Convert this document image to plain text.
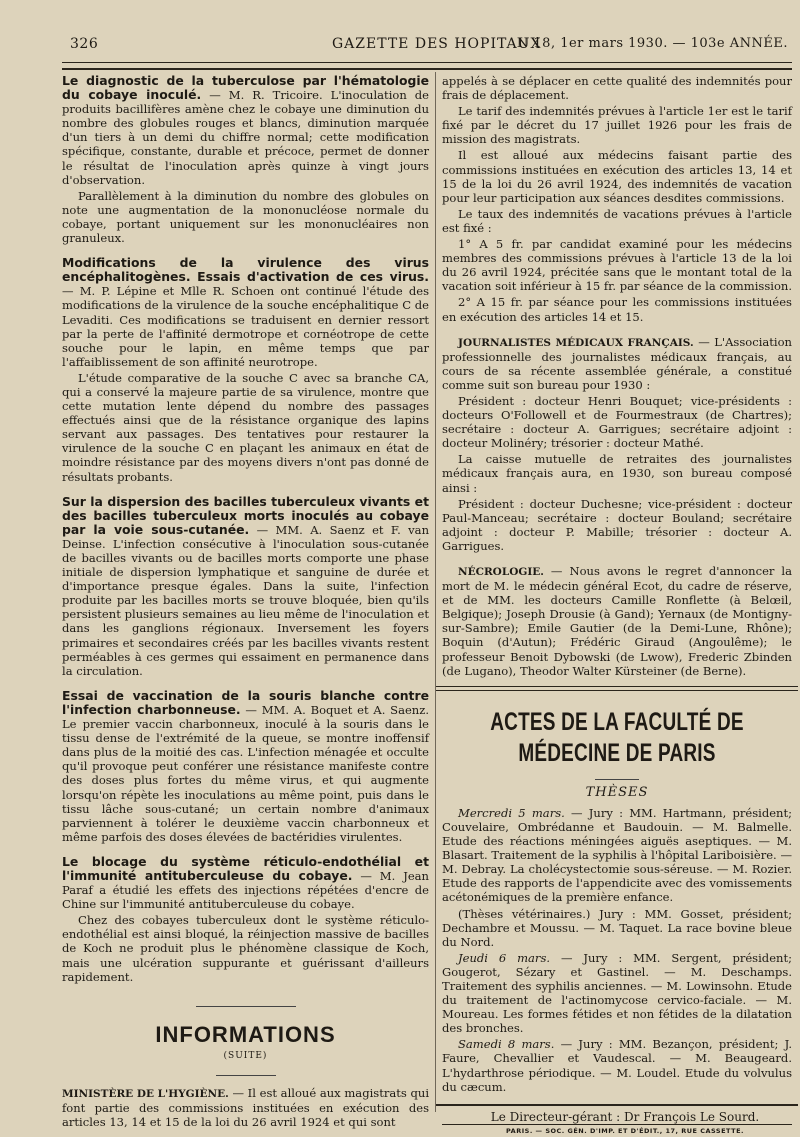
326	GAZETTE DES HOPITAUX
N 18, 1er mars 1930. — 103e ANNÉE.

Le diagnostic de la tuberculose par l'hématologie du cobaye inoculé. — M. R. Tricoire. L'inoculation de produits bacillifères amène chez le cobaye une diminution du nombre des globules rouges et blancs, diminution marquée d'un tiers à un demi du chiffre normal; cette modification spécifique, constante, durable et précoce, permet de donner le résultat de l'inoculation après quinze à vingt jours d'observation.

Parallèlement à la diminution du nombre des globules on note une augmentation de la mononucléose normale du cobaye, portant uniquement sur les mononucléaires non granuleux.

Modifications de la virulence des virus encéphalitogènes. Essais d'activation de ces virus. — M. P. Lépine et Mlle R. Schoen ont continué l'étude des modifications de la virulence de la souche encéphalitique C de Levaditi. Ces modifications se traduisent en dernier ressort par la perte de l'affinité dermotrope et cornéotrope de cette souche pour le lapin, en même temps que par l'affaiblissement de son affinité neurotrope.

L'étude comparative de la souche C avec sa branche CA, qui a conservé la majeure partie de sa virulence, montre que cette mutation lente dépend du nombre des passages effectués ainsi que de la résistance organique des lapins servant aux passages. Des tentatives pour restaurer la virulence de la souche C en plaçant les animaux en état de moindre résistance par des moyens divers n'ont pas donné de résultats probants.

Sur la dispersion des bacilles tuberculeux vivants et des bacilles tuberculeux morts inoculés au cobaye par la voie sous-cutanée. — MM. A. Saenz et F. van Deinse. L'infection consécutive à l'inoculation sous-cutanée de bacilles vivants ou de bacilles morts comporte une phase initiale de dispersion lymphatique et sanguine de durée et d'importance presque égales. Dans la suite, l'infection produite par les bacilles morts se trouve bloquée, bien qu'ils persistent plusieurs semaines au lieu même de l'inoculation et dans les ganglions régionaux. Inversement les foyers primaires et secondaires créés par les bacilles vivants restent perméables à ces germes qui essaiment en permanence dans la circulation.

Essai de vaccination de la souris blanche contre l'infection charbonneuse. — MM. A. Boquet et A. Saenz. Le premier vaccin charbonneux, inoculé à la souris dans le tissu dense de l'extrémité de la queue, se montre inoffensif dans plus de la moitié des cas. L'infection ménagée et occulte qu'il provoque peut conférer une résistance manifeste contre des doses plus fortes du même virus, et qui augmente lorsqu'on répète les inoculations au même point, puis dans le tissu lâche sous-cutané; un certain nombre d'animaux parviennent à tolérer le deuxième vaccin charbonneux et même parfois des doses élevées de bactéridies virulentes.

Le blocage du système réticulo-endothélial et l'immunité antituberculeuse du cobaye. — M. Jean Paraf a étudié les effets des injections répétées d'encre de Chine sur l'immunité antituberculeuse du cobaye.

Chez des cobayes tuberculeux dont le système réticulo-endothélial est ainsi bloqué, la réinjection massive de bacilles de Koch ne produit plus le phénomène classique de Koch, mais une ulcération suppurante et guérissant d'ailleurs rapidement.

INFORMATIONS
(SUITE)

MINISTÈRE DE L'HYGIÈNE. — Il est alloué aux magistrats qui font partie des commissions instituées en exécution des articles 13, 14 et 15 de la loi du 26 avril 1924 et qui sont

appelés à se déplacer en cette qualité des indemnités pour frais de déplacement.

Le tarif des indemnités prévues à l'article 1er est le tarif fixé par le décret du 17 juillet 1926 pour les frais de mission des magistrats.

Il est alloué aux médecins faisant partie des commissions instituées en exécution des articles 13, 14 et 15 de la loi du 26 avril 1924, des indemnités de vacation pour leur participation aux séances desdites commissions.

Le taux des indemnités de vacations prévues à l'article est fixé :

1° A 5 fr. par candidat examiné pour les médecins membres des commissions prévues à l'article 13 de la loi du 26 avril 1924, précitée sans que le montant total de la vacation soit inférieur à 15 fr. par séance de la commission.

2° A 15 fr. par séance pour les commissions instituées en exécution des articles 14 et 15.

JOURNALISTES MÉDICAUX FRANÇAIS. — L'Association professionnelle des journalistes médicaux français, au cours de sa récente assemblée générale, a constitué comme suit son bureau pour 1930 :

Président : docteur Henri Bouquet; vice-présidents : docteurs O'Followell et de Fourmestraux (de Chartres); secrétaire : docteur A. Garrigues; secrétaire adjoint : docteur Molinéry; trésorier : docteur Mathé.

La caisse mutuelle de retraites des journalistes médicaux français aura, en 1930, son bureau composé ainsi :

Président : docteur Duchesne; vice-président : docteur Paul-Manceau; secrétaire : docteur Bouland; secrétaire adjoint : docteur P. Mabille; trésorier : docteur A. Garrigues.

NÉCROLOGIE. — Nous avons le regret d'annoncer la mort de M. le médecin général Ecot, du cadre de réserve, et de MM. les docteurs Camille Ronflette (à Belœil, Belgique); Joseph Drousie (à Gand); Yernaux (de Montigny-sur-Sambre); Emile Gautier (de la Demi-Lune, Rhône); Boquin (d'Autun); Frédéric Giraud (Angoulême); le professeur Benoit Dybowski (de Lwow), Frederic Zbinden (de Lugano), Theodor Walter Kürsteiner (de Berne).

ACTES DE LA FACULTÉ DE MÉDECINE DE PARIS
THÈSES

Mercredi 5 mars. — Jury : MM. Hartmann, président; Couvelaire, Ombrédanne et Baudouin. — M. Balmelle. Etude des réactions méningées aiguës aseptiques. — M. Blasart. Traitement de la syphilis à l'hôpital Lariboisière. — M. Debray. La cholécystectomie sous-séreuse. — M. Rozier. Etude des rapports de l'appendicite avec des vomissements acétonémiques de la première enfance.

(Thèses vétérinaires.) Jury : MM. Gosset, président; Dechambre et Moussu. — M. Taquet. La race bovine bleue du Nord.

Jeudi 6 mars. — Jury : MM. Sergent, président; Gougerot, Sézary et Gastinel. — M. Deschamps. Traitement des syphilis anciennes. — M. Lowinsohn. Etude du traitement de l'actinomycose cervico-faciale. — M. Moureau. Les formes fétides et non fétides de la dilatation des bronches.

Samedi 8 mars. — Jury : MM. Bezançon, président; J. Faure, Chevallier et Vaudescal. — M. Beaugeard. L'hydarthrose périodique. — M. Loudel. Etude du volvulus du cæcum.

Le Directeur-gérant : Dr François Le Sourd.

PARIS. — SOC. GÉN. D'IMP. ET D'ÉDIT., 17, RUE CASSETTE.
